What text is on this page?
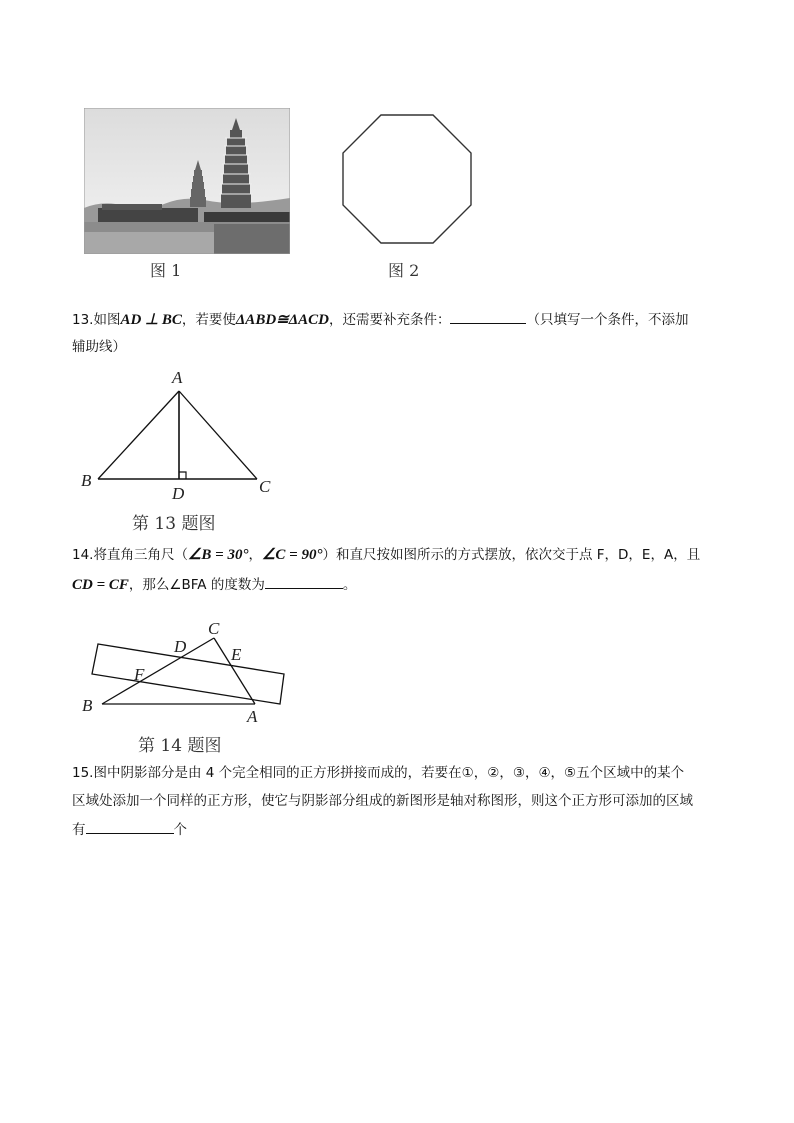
图 1	图 2
13.如图AD ⊥ BC，若要使ΔABD≅ΔACD，还需要补充条件：	（只填写一个条件，不添加
辅助线）
A
B	C
D
第 13 题图
14.将直角三角尺（∠B = 30°，∠C = 90°）和直尺按如图所示的方式摆放，依次交于点 F，D，E，A，且
CD = CF，那么∠BFA 的度数为	。
C
D	E
F
B
A
第 14 题图
15.图中阴影部分是由 4 个完全相同的正方形拼接而成的，若要在①，②，③，④，⑤五个区域中的某个
区域处添加一个同样的正方形，使它与阴影部分组成的新图形是轴对称图形，则这个正方形可添加的区域
有	个
